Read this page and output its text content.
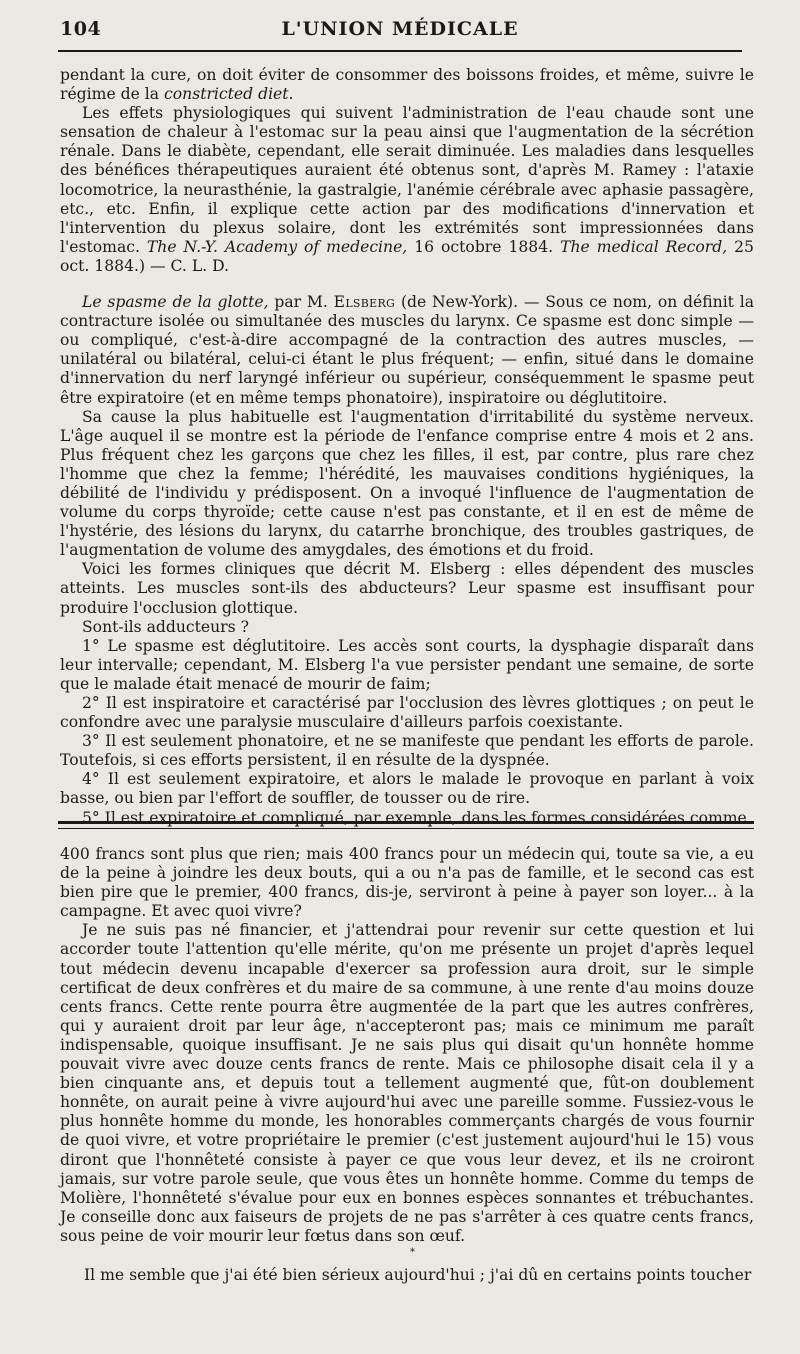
104	L'UNION MÉDICALE

pendant la cure, on doit éviter de consommer des boissons froides, et même, suivre le régime de la constricted diet.

Les effets physiologiques qui suivent l'administration de l'eau chaude sont une sensation de chaleur à l'estomac sur la peau ainsi que l'augmentation de la sécrétion rénale. Dans le diabète, cependant, elle serait diminuée. Les maladies dans lesquelles des bénéfices thérapeutiques auraient été obtenus sont, d'après M. Ramey : l'ataxie locomotrice, la neurasthénie, la gastralgie, l'anémie cérébrale avec aphasie passagère, etc., etc. Enfin, il explique cette action par des modifications d'innervation et l'intervention du plexus solaire, dont les extrémités sont impressionnées dans l'estomac. The N.-Y. Academy of medecine, 16 octobre 1884. The medical Record, 25 oct. 1884.) — C. L. D.

Le spasme de la glotte, par M. Elsberg (de New-York). — Sous ce nom, on définit la contracture isolée ou simultanée des muscles du larynx. Ce spasme est donc simple — ou compliqué, c'est-à-dire accompagné de la contraction des autres muscles, — unilatéral ou bilatéral, celui-ci étant le plus fréquent; — enfin, situé dans le domaine d'innervation du nerf laryngé inférieur ou supérieur, conséquemment le spasme peut être expiratoire (et en même temps phonatoire), inspiratoire ou déglutitoire.

Sa cause la plus habituelle est l'augmentation d'irritabilité du système nerveux. L'âge auquel il se montre est la période de l'enfance comprise entre 4 mois et 2 ans. Plus fréquent chez les garçons que chez les filles, il est, par contre, plus rare chez l'homme que chez la femme; l'hérédité, les mauvaises conditions hygiéniques, la débilité de l'individu y prédisposent. On a invoqué l'influence de l'augmentation de volume du corps thyroïde; cette cause n'est pas constante, et il en est de même de l'hystérie, des lésions du larynx, du catarrhe bronchique, des troubles gastriques, de l'augmentation de volume des amygdales, des émotions et du froid.

Voici les formes cliniques que décrit M. Elsberg : elles dépendent des muscles atteints. Les muscles sont-ils des abducteurs? Leur spasme est insuffisant pour produire l'occlusion glottique.

Sont-ils adducteurs ?

1° Le spasme est déglutitoire. Les accès sont courts, la dysphagie disparaît dans leur intervalle; cependant, M. Elsberg l'a vue persister pendant une semaine, de sorte que le malade était menacé de mourir de faim;

2° Il est inspiratoire et caractérisé par l'occlusion des lèvres glottiques ; on peut le confondre avec une paralysie musculaire d'ailleurs parfois coexistante.

3° Il est seulement phonatoire, et ne se manifeste que pendant les efforts de parole. Toutefois, si ces efforts persistent, il en résulte de la dyspnée.

4° Il est seulement expiratoire, et alors le malade le provoque en parlant à voix basse, ou bien par l'effort de souffler, de tousser ou de rire.

5° Il est expiratoire et compliqué, par exemple, dans les formes considérées comme

400 francs sont plus que rien; mais 400 francs pour un médecin qui, toute sa vie, a eu de la peine à joindre les deux bouts, qui a ou n'a pas de famille, et le second cas est bien pire que le premier, 400 francs, dis-je, serviront à peine à payer son loyer... à la campagne. Et avec quoi vivre?

Je ne suis pas né financier, et j'attendrai pour revenir sur cette question et lui accorder toute l'attention qu'elle mérite, qu'on me présente un projet d'après lequel tout médecin devenu incapable d'exercer sa profession aura droit, sur le simple certificat de deux confrères et du maire de sa commune, à une rente d'au moins douze cents francs. Cette rente pourra être augmentée de la part que les autres confrères, qui y auraient droit par leur âge, n'accepteront pas; mais ce minimum me paraît indispensable, quoique insuffisant. Je ne sais plus qui disait qu'un honnête homme pouvait vivre avec douze cents francs de rente. Mais ce philosophe disait cela il y a bien cinquante ans, et depuis tout a tellement augmenté que, fût-on doublement honnête, on aurait peine à vivre aujourd'hui avec une pareille somme. Fussiez-vous le plus honnête homme du monde, les honorables commerçants chargés de vous fournir de quoi vivre, et votre propriétaire le premier (c'est justement aujourd'hui le 15) vous diront que l'honnêteté consiste à payer ce que vous leur devez, et ils ne croiront jamais, sur votre parole seule, que vous êtes un honnête homme. Comme du temps de Molière, l'honnêteté s'évalue pour eux en bonnes espèces sonnantes et trébuchantes. Je conseille donc aux faiseurs de projets de ne pas s'arrêter à ces quatre cents francs, sous peine de voir mourir leur fœtus dans son œuf.

*
Il me semble que j'ai été bien sérieux aujourd'hui ; j'ai dû en certains points toucher
